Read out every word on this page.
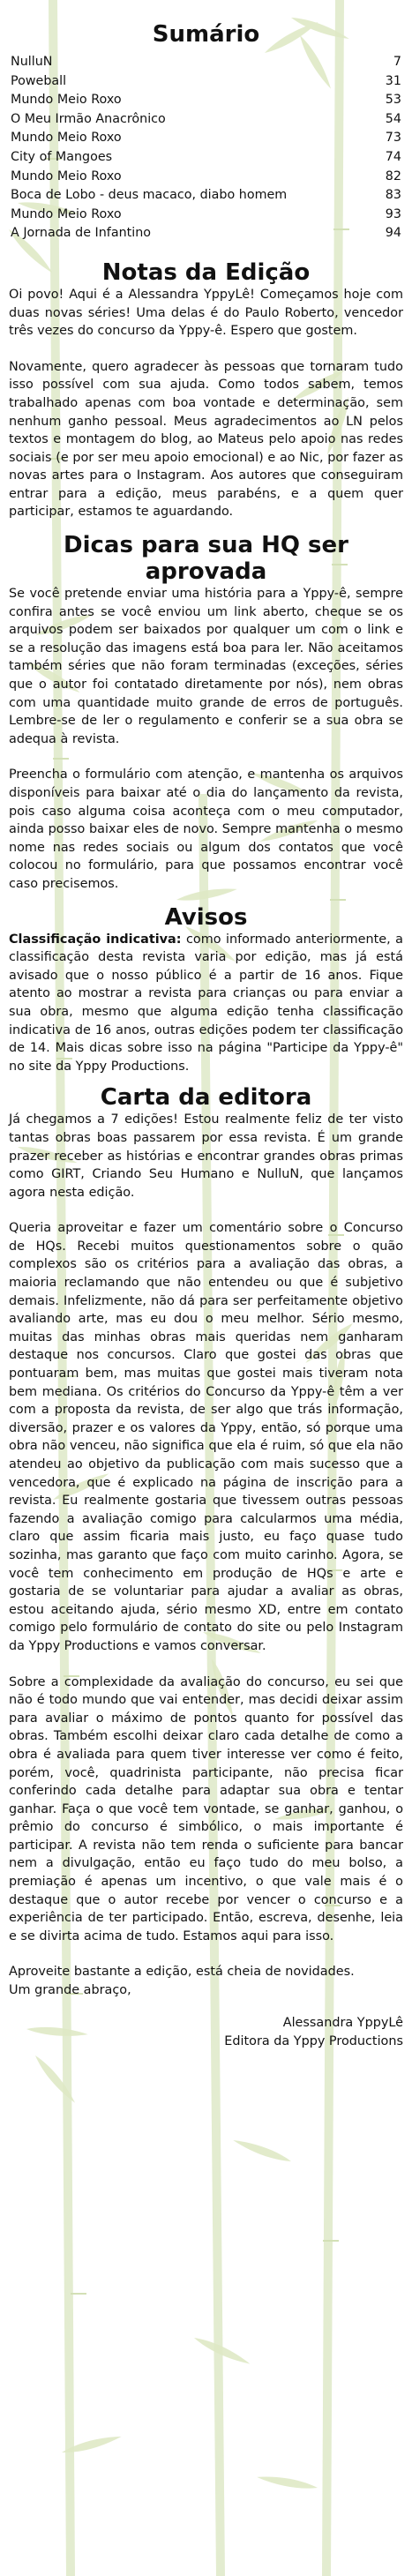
Sumário
NulluN	7
Poweball	31
Mundo Meio Roxo	53
O Meu Irmão Anacrônico	54
Mundo Meio Roxo	73
City of Mangoes	74
Mundo Meio Roxo	82
Boca de Lobo - deus macaco, diabo homem	83
Mundo Meio Roxo	93
A Jornada de Infantino	94
Notas da Edição

Oi povo! Aqui é a Alessandra YppyLê! Começamos hoje com duas novas séries! Uma delas é do Paulo Roberto, vencedor três vezes do concurso da Yppy-ê. Espero que gostem.

Novamente, quero agradecer às pessoas que tornaram tudo isso possível com sua ajuda. Como todos sabem, temos trabalhado apenas com boa vontade e determinação, sem nenhum ganho pessoal. Meus agradecimentos ao LN pelos textos e montagem do blog, ao Mateus pelo apoio nas redes sociais (e por ser meu apoio emocional) e ao Nic, por fazer as novas artes para o Instagram. Aos autores que conseguiram entrar para a edição, meus parabéns, e a quem quer participar, estamos te aguardando.

Dicas para sua HQ ser aprovada

Se você pretende enviar uma história para a Yppy-ê, sempre confira antes se você enviou um link aberto, cheque se os arquivos podem ser baixados por qualquer um com o link e se a resolução das imagens está boa para ler. Não aceitamos também séries que não foram terminadas (exceções, séries que o autor foi contatado diretamente por nós), nem obras com uma quantidade muito grande de erros de português. Lembre-se de ler o regulamento e conferir se a sua obra se adequa à revista.

Preencha o formulário com atenção, e mantenha os arquivos disponíveis para baixar até o dia do lançamento da revista, pois caso alguma coisa aconteça com o meu computador, ainda posso baixar eles de novo. Sempre mantenha o mesmo nome nas redes sociais ou algum dos contatos que você colocou no formulário, para que possamos encontrar você caso precisemos.

Avisos

Classificação indicativa: como informado anteriormente, a classificação desta revista varia por edição, mas já está avisado que o nosso público é a partir de 16 anos. Fique atento ao mostrar a revista para crianças ou para enviar a sua obra, mesmo que alguma edição tenha classificação indicativa de 16 anos, outras edições podem ter classificação de 14. Mais dicas sobre isso na página "Participe da Yppy-ê" no site da Yppy Productions.

Carta da editora

Já chegamos a 7 edições! Estou realmente feliz de ter visto tantas obras boas passarem por essa revista. É um grande prazer receber as histórias e encontrar grandes obras primas como GIRT, Criando Seu Humano e NulluN, que lançamos agora nesta edição.

Queria aproveitar e fazer um comentário sobre o Concurso de HQs. Recebi muitos questionamentos sobre o quão complexos são os critérios para a avaliação das obras, a maioria reclamando que não entendeu ou que é subjetivo demais. Infelizmente, não dá para ser perfeitamente objetivo avaliando arte, mas eu dou o meu melhor. Sério mesmo, muitas das minhas obras mais queridas nem ganharam destaque nos concursos. Claro que gostei das obras que pontuaram bem, mas muitas que gostei mais tiveram nota bem mediana. Os critérios do Concurso da Yppy-ê têm a ver com a proposta da revista, de ser algo que trás informação, diversão, prazer e os valores da Yppy, então, só porque uma obra não venceu, não significa que ela é ruim, só que ela não atendeu ao objetivo da publicação com mais sucesso que a vencedora, que é explicado na página de inscrição para a revista. Eu realmente gostaria que tivessem outras pessoas fazendo a avaliação comigo para calcularmos uma média, claro que assim ficaria mais justo, eu faço quase tudo sozinha, mas garanto que faço com muito carinho. Agora, se você tem conhecimento em produção de HQs e arte e gostaria de se voluntariar para ajudar a avaliar as obras, estou aceitando ajuda, sério mesmo XD, entre em contato comigo pelo formulário de contato do site ou pelo Instagram da Yppy Productions e vamos conversar.

Sobre a complexidade da avaliação do concurso, eu sei que não é todo mundo que vai entender, mas decidi deixar assim para avaliar o máximo de pontos quanto for possível das obras. Também escolhi deixar claro cada detalhe de como a obra é avaliada para quem tiver interesse ver como é feito, porém, você, quadrinista participante, não precisa ficar conferindo cada detalhe para adaptar sua obra e tentar ganhar. Faça o que você tem vontade, se ganhar, ganhou, o prêmio do concurso é simbólico, o mais importante é participar. A revista não tem renda o suficiente para bancar nem a divulgação, então eu faço tudo do meu bolso, a premiação é apenas um incentivo, o que vale mais é o destaque que o autor recebe por vencer o concurso e a experiência de ter participado. Então, escreva, desenhe, leia e se divirta acima de tudo. Estamos aqui para isso.

Aproveite bastante a edição, está cheia de novidades.

Um grande abraço,

Alessandra YppyLê
Editora da Yppy Productions
